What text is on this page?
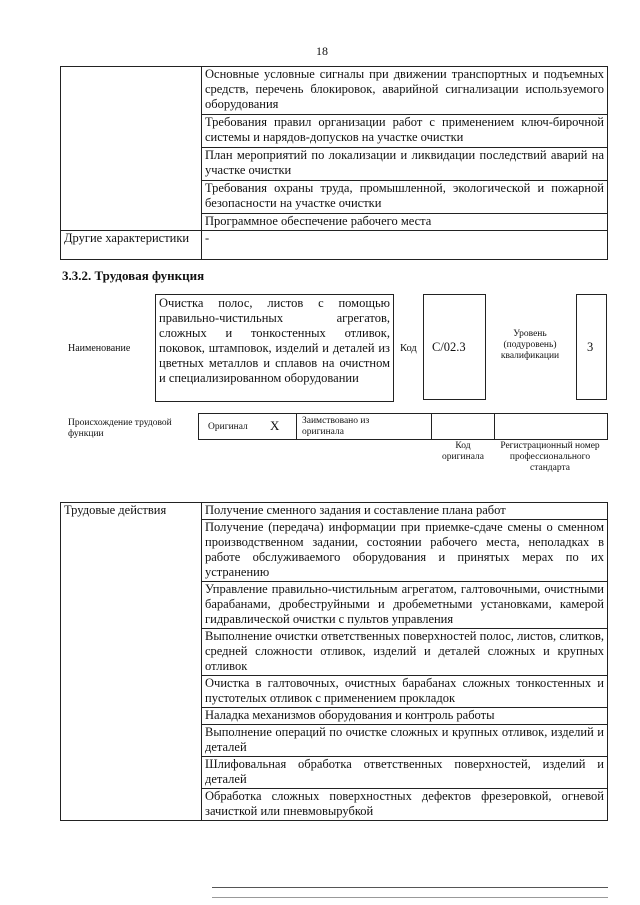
18
	Основные условные сигналы при движении транспортных и подъемных средств, перечень блокировок, аварийной сигнализации используемого оборудования
	Требования правил организации работ с применением ключ-бирочной системы и нарядов-допусков на участке очистки
	План мероприятий по локализации и ликвидации последствий аварий на участке очистки
	Требования охраны труда, промышленной, экологической и пожарной безопасности на участке очистки
	Программное обеспечение рабочего места
Другие характеристики	-
3.3.2. Трудовая функция
Наименование
Очистка полос, листов с помощью правильно-чистильных агрегатов, сложных и тонкостенных отливок, поковок, штамповок, изделий и деталей из цветных металлов и сплавов на очистном и специализированном оборудовании
Код C/02.3
Уровень (подуровень) квалификации
3
Происхождение трудовой функции
Оригинал X Заимствовано из оригинала
Код оригинала
Регистрационный номер профессионального стандарта
Трудовые действия	Получение сменного задания и составление плана работ
Получение (передача) информации при приемке-сдаче смены о сменном производственном задании, состоянии рабочего места, неполадках в работе обслуживаемого оборудования и принятых мерах по их устранению
Управление правильно-чистильным агрегатом, галтовочными, очистными барабанами, дробеструйными и дробеметными установками, камерой гидравлической очистки с пультов управления
Выполнение очистки ответственных поверхностей полос, листов, слитков, средней сложности отливок, изделий и деталей сложных и крупных отливок
Очистка в галтовочных, очистных барабанах сложных тонкостенных и пустотелых отливок с применением прокладок
Наладка механизмов оборудования и контроль работы
Выполнение операций по очистке сложных и крупных отливок, изделий и деталей
Шлифовальная обработка ответственных поверхностей, изделий и деталей
Обработка сложных поверхностных дефектов фрезеровкой, огневой зачисткой или пневмовырубкой
